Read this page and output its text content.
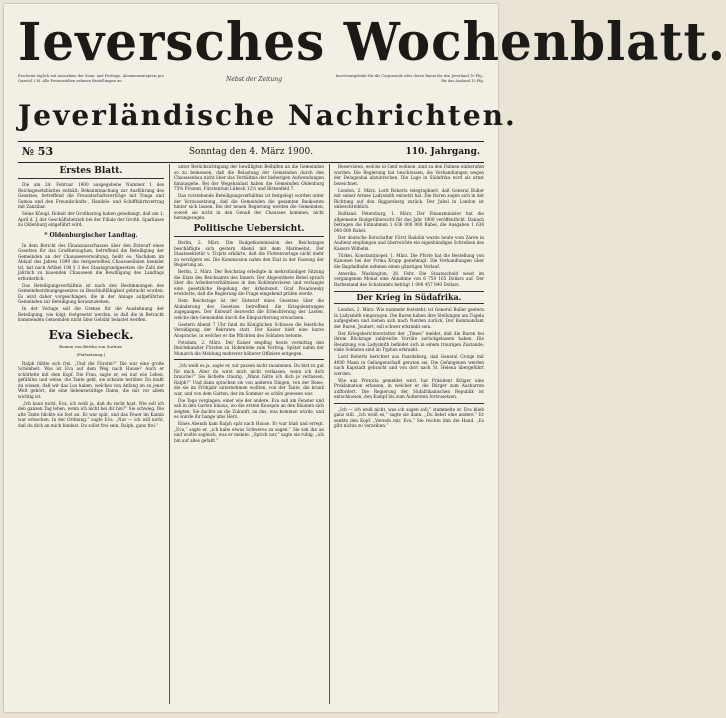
Ieversches Wochenblatt.
Erscheint täglich mit Ausnahme der Sonn- und Festtage. Abonnementspreis pro Quartal 2 M. Alle Postanstalten nehmen Bestellungen an.	Nebst der Zeitung	Insertionsgebühr für die Corpuszeile oder deren Raum für den Jeverland 10 Pfg., für das Ausland 15 Pfg.
Jeverländische Nachrichten.
№ 53	Sonntag den 4. März 1900.	110. Jahrgang.
Erstes Blatt.

Die am 24. Februar 1900 ausgegebene Nummer 1 des Reichsgesetzblattes enthält: Bekanntmachung zur Ausführung des Gesetzes, betreffend die Freundschaftsverträge mit Tonga und Samoa und den Freundschafts-, Handels- und Schifffahrtsvertrag mit Zanzibar.

Seine Königl. Hoheit der Großherzog haben genehmigt, daß am 1. April d. J. der Geschäftsbetrieb bei der Filiale der Großh. Sparkasse zu Oldenburg eingeführt wird.

* Oldenburgischer Landtag.

In dem Bericht des Finanzausschusses über den Entwurf eines Gesetzes für das Großherzogtum, betreffend die Beteiligung der Gemeinden an der Chausseeverwaltung, heißt es: Nachdem im Ablauf des Jahres 1899 die festgestellten Chausseelinien beendet ist, hat nach Artikel 198 § 3 des Staatsgrundgesetzes die Zahl der jährlich zu bauenden Chausseen die Bewilligung des Landtags erforderlich.

Das Beteiligungsverhältnis ist nach den Bestimmungen des Gemeindeordnungsgesetzes zu Beschlußfähigkeit gebracht worden. Es wird daher vorgeschlagen, die in der Anlage aufgeführten Gemeinden zur Beteiligung heranzuziehen.

In der Vorlage soll die Grenze für die Ausdehnung der Beteiligung, wie folgt, festgesetzt werden, so daß die in Betracht kommenden Gemeinden nicht über Gebühr belastet werden.

Eva Siebeck.
Roman von Bertha von Suttner.
(Fortsetzung.)

Ralph fühlte sich frei. „Und die Fürstin?“ Die war eine große Schönheit. Was ist Eva auf dem Weg nach Hause? Auch er schüttelte mit dem Kopf. Die Frau, sagte er, sei nur wie Leben, gefühllos und weise, die Tante geht, sie schaute herüber. Da mußt du wissen, daß wir das Los haben, welches von Anfang an zu jener Welt gehört, die eine liebenswürdige Dame, die mir vor allem wichtig ist.

„Ich kann nicht, Eva, ich weiß ja, daß du recht hast. Wie soll ich den ganzen Tag leben, wenn ich nicht bei dir bin?“ Sie schwieg. Die alte Tante blickte sie fest an. Es war spät, und das Feuer im Kamin war erloschen. In der Ordnung,“ sagte Eva. „Nur — ich will nicht, daß du dich an mich bindest. Du sollst frei sein, Ralph, ganz frei.“

unter Berücksichtigung der bewilligten Beihilfen an die Gemeinden so zu bemessen, daß die Belastung der Gemeinden durch den Chausseebau nicht über das Verhältnis der bisherigen Aufwendungen hinausgehe. Bei der Wegebaulast haben die Gemeinden Oldenburg 75% Prozent, Fürstentum Lübeck 12½ und Birkenfeld 7.

Das vorstehende Beteiligungsverhältnis ist festgelegt worden unter der Voraussetzung, daß die Gemeinden die gesamten Baukosten hinter sich lassen. Bei der neuen Regierung werden die Gemeinden, soweit sie nicht in den Genuß der Chaussee kommen, nicht herangezogen.

Politische Uebersicht.

Berlin, 2. März. Die Budgetkommission des Reichstages beschäftigte sich gestern Abend mit dem Marineetat. Der Staatssekretär v. Tirpitz erklärte, daß die Flottenvorlage nicht mehr zu verzögern sei. Die Kommission nahm den Etat in der Fassung der Regierung an.

Berlin, 2. März. Der Reichstag erledigte in mehrstündiger Sitzung die Etats des Reichsamts des Innern. Der Abgeordnete Bebel sprach über die Arbeiterverhältnisse in den Kohlenrevieren und verlangte eine gesetzliche Regelung der Arbeitszeit. Graf Posadowsky erwiderte, daß die Regierung die Frage eingehend prüfen werde.

Dem Reichstage ist der Entwurf eines Gesetzes über die Abänderung des Gesetzes betreffend die Kriegsleistungen zugegangen. Der Entwurf bezweckt die Erleichterung der Lasten, welche den Gemeinden durch die Einquartierung erwachsen.

Gestern Abend 7 Uhr fand im Königlichen Schlosse die feierliche Vereidigung der Rekruten statt. Der Kaiser hielt eine kurze Ansprache, in welcher er die Pflichten des Soldaten betonte.

Potsdam, 2. März. Der Kaiser empfing heute vormittag den Reichskanzler Fürsten zu Hohenlohe zum Vortrag. Später nahm der Monarch die Meldung mehrerer höherer Offiziere entgegen.

„Ich weiß es ja, sagte er, wir passen nicht zusammen. Du bist zu gut für mich. Aber du wirst mich nicht verlassen, wenn ich dich brauche?“ Sie lächelte traurig. „Wann hätte ich dich je verlassen, Ralph?“ Und dann sprachen sie von anderen Dingen, von der Reise, die sie im Frühjahr unternehmen wollten, von der Tante, die krank war, und von dem Garten, der im Sommer so schön gewesen war.

Die Tage vergingen, einer wie der andere. Eva saß am Fenster und sah in den Garten hinaus, wo die ersten Knospen an den Bäumen sich zeigten. Sie dachte an die Zukunft, an das, was kommen würde, und es wurde ihr bange ums Herz.

Eines Abends kam Ralph spät nach Hause. Er war blaß und erregt. „Eva,“ sagte er, „ich habe etwas Schweres zu sagen.“ Sie sah ihn an und wußte sogleich, was er meinte. „Sprich nur,“ sagte sie ruhig, „ich bin auf alles gefaßt.“

Reservisten, welche in Genf wohnen, sind zu den Fahnen einberufen worden. Die Regierung hat beschlossen, die Verhandlungen wegen der Delagoabai abzubrechen. Die Lage in Südafrika wird als ernst bezeichnet.

London, 2. März. Lord Roberts telegraphiert, daß General Buller mit seiner Armee Ladysmith entsetzt hat. Die Buren zogen sich in der Richtung auf den Biggarsberg zurück. Der Jubel in London ist unbeschreiblich.

Rußland. Petersburg, 1. März. Der Finanzminister hat die allgemeine Budgetübersicht für das Jahr 1900 veröffentlicht. Danach betragen die Einnahmen 1 636 000 000 Rubel, die Ausgaben 1 636 000 000 Rubel.

Der deutsche Botschafter Fürst Radolin wurde heute vom Zaren in Audienz empfangen und überreichte ein eigenhändiges Schreiben des Kaisers Wilhelm.

Türkei. Konstantinopel, 1. März. Die Pforte hat die Bestellung von Kanonen bei der Firma Krupp genehmigt. Die Verhandlungen über die Bagdadbahn nehmen einen günstigen Verlauf.

Amerika. Washington, 28. Febr. Die Staatsschuld weist im vergangenen Monat eine Abnahme von 6 750 165 Dollars auf. Der Barbestand des Schatzamts beträgt 1 098 457 040 Dollars.

Der Krieg in Südafrika.

London, 2. März. Wie nunmehr feststeht, ist General Buller gestern in Ladysmith eingezogen. Die Buren haben ihre Stellungen am Tugela aufgegeben und ziehen sich nach Norden zurück. Der Kommandant der Buren, Joubert, soll schwer erkrankt sein.

Der Kriegsberichterstatter der „Times“ meldet, daß die Buren bei ihrem Rückzuge zahlreiche Vorräte zurückgelassen haben. Die Besatzung von Ladysmith befindet sich in einem traurigen Zustande; viele Soldaten sind an Typhus erkrankt.

Lord Roberts berichtet aus Paardeberg, daß General Cronje mit 4000 Mann in Gefangenschaft geraten sei. Die Gefangenen werden nach Kapstadt gebracht und von dort nach St. Helena übergeführt werden.

Wie aus Pretoria gemeldet wird, hat Präsident Krüger eine Proklamation erlassen, in welcher er die Bürger zum Ausharren auffordert. Die Regierung der Südafrikanischen Republik ist entschlossen, den Kampf bis zum Äußersten fortzusetzen.

„Ich — ich weiß nicht, was ich sagen soll,“ stammelte er. Eva blieb ganz still. „Ich weiß es,“ sagte sie dann. „Du liebst eine andere.“ Er senkte den Kopf. „Verzeih mir, Eva.“ Sie reichte ihm die Hand. „Es gibt nichts zu verzeihen.“
